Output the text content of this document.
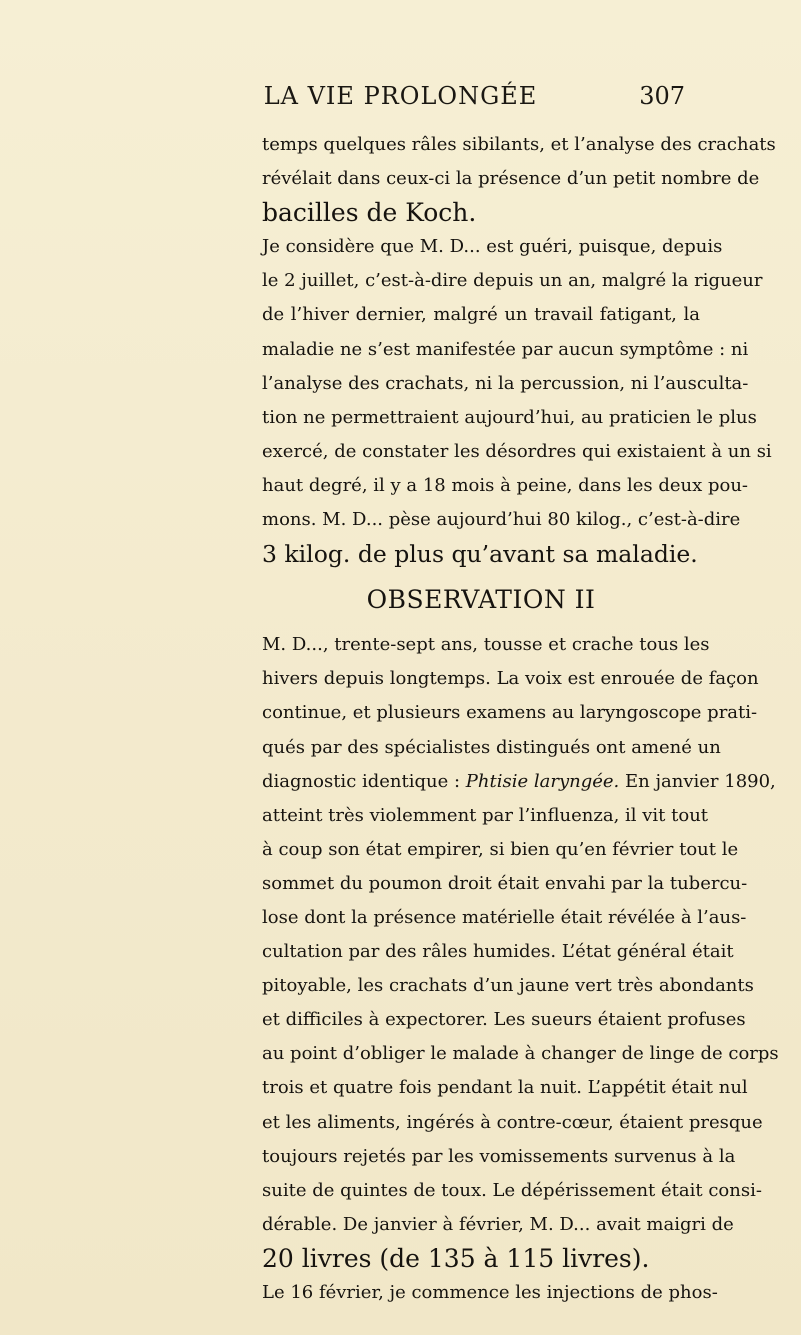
LA VIE PROLONGÉE	307
temps quelques râles sibilants, et l’analyse des crachats
révélait dans ceux-ci la présence d’un petit nombre de
bacilles de Koch.
Je considère que M. D... est guéri, puisque, depuis
le 2 juillet, c’est-à-dire depuis un an, malgré la rigueur
de l’hiver dernier, malgré un travail fatigant, la
maladie ne s’est manifestée par aucun symptôme : ni
l’analyse des crachats, ni la percussion, ni l’ausculta-
tion ne permettraient aujourd’hui, au praticien le plus
exercé, de constater les désordres qui existaient à un si
haut degré, il y a 18 mois à peine, dans les deux pou-
mons. M. D... pèse aujourd’hui 80 kilog., c’est-à-dire
3 kilog. de plus qu’avant sa maladie.
OBSERVATION II
M. D..., trente-sept ans, tousse et crache tous les
hivers depuis longtemps. La voix est enrouée de façon
continue, et plusieurs examens au laryngoscope prati-
qués par des spécialistes distingués ont amené un
diagnostic identique : Phtisie laryngée. En janvier 1890,
atteint très violemment par l’influenza, il vit tout
à coup son état empirer, si bien qu’en février tout le
sommet du poumon droit était envahi par la tubercu-
lose dont la présence matérielle était révélée à l’aus-
cultation par des râles humides. L’état général était
pitoyable, les crachats d’un jaune vert très abondants
et difficiles à expectorer. Les sueurs étaient profuses
au point d’obliger le malade à changer de linge de corps
trois et quatre fois pendant la nuit. L’appétit était nul
et les aliments, ingérés à contre-cœur, étaient presque
toujours rejetés par les vomissements survenus à la
suite de quintes de toux. Le dépérissement était consi-
dérable. De janvier à février, M. D... avait maigri de
20 livres (de 135 à 115 livres).
Le 16 février, je commence les injections de phos-
